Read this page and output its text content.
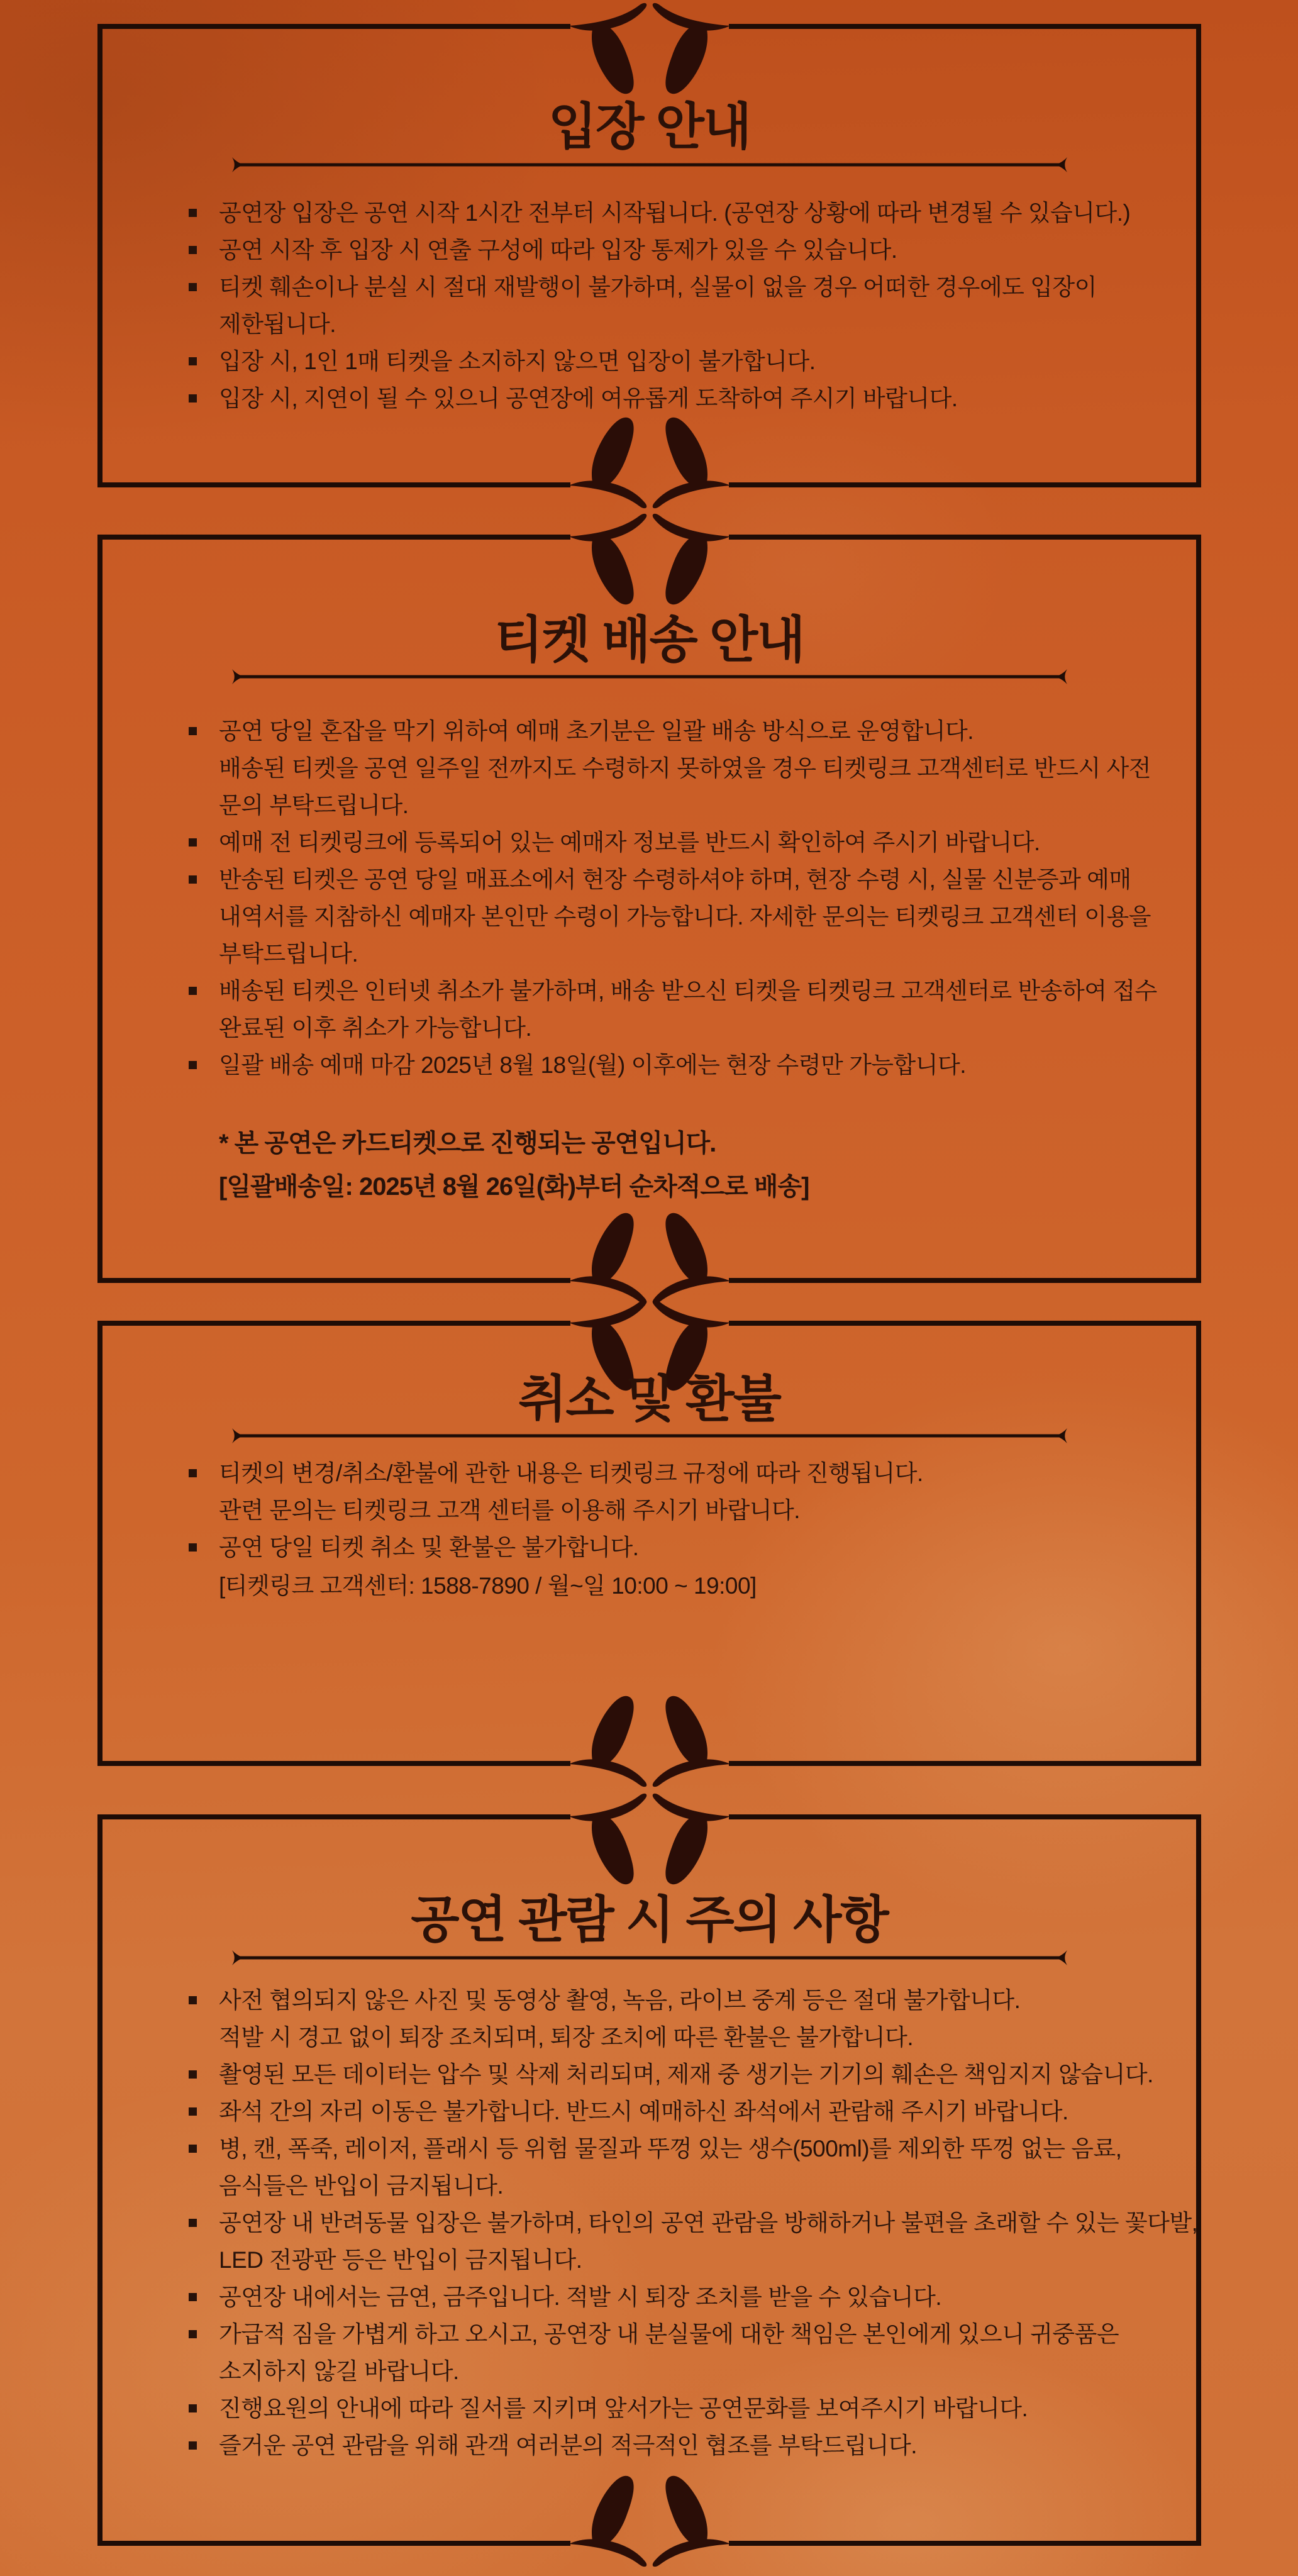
입장 안내
공연장 입장은 공연 시작 1시간 전부터 시작됩니다. (공연장 상황에 따라 변경될 수 있습니다.)
공연 시작 후 입장 시 연출 구성에 따라 입장 통제가 있을 수 있습니다.
티켓 훼손이나 분실 시 절대 재발행이 불가하며, 실물이 없을 경우 어떠한 경우에도 입장이
제한됩니다.
입장 시, 1인 1매 티켓을 소지하지 않으면 입장이 불가합니다.
입장 시, 지연이 될 수 있으니 공연장에 여유롭게 도착하여 주시기 바랍니다.
티켓 배송 안내
공연 당일 혼잡을 막기 위하여 예매 초기분은 일괄 배송 방식으로 운영합니다.
배송된 티켓을 공연 일주일 전까지도 수령하지 못하였을 경우 티켓링크 고객센터로 반드시 사전
문의 부탁드립니다.
예매 전 티켓링크에 등록되어 있는 예매자 정보를 반드시 확인하여 주시기 바랍니다.
반송된 티켓은 공연 당일 매표소에서 현장 수령하셔야 하며, 현장 수령 시, 실물 신분증과 예매
내역서를 지참하신 예매자 본인만 수령이 가능합니다. 자세한 문의는 티켓링크 고객센터 이용을
부탁드립니다.
배송된 티켓은 인터넷 취소가 불가하며, 배송 받으신 티켓을 티켓링크 고객센터로 반송하여 접수
완료된 이후 취소가 가능합니다.
일괄 배송 예매 마감 2025년 8월 18일(월) 이후에는 현장 수령만 가능합니다.
* 본 공연은 카드티켓으로 진행되는 공연입니다.
[일괄배송일: 2025년 8월 26일(화)부터 순차적으로 배송]
취소 및 환불
티켓의 변경/취소/환불에 관한 내용은 티켓링크 규정에 따라 진행됩니다.
관련 문의는 티켓링크 고객 센터를 이용해 주시기 바랍니다.
공연 당일 티켓 취소 및 환불은 불가합니다.
[티켓링크 고객센터: 1588-7890 / 월~일 10:00 ~ 19:00]
공연 관람 시 주의 사항
사전 협의되지 않은 사진 및 동영상 촬영, 녹음, 라이브 중계 등은 절대 불가합니다.
적발 시 경고 없이 퇴장 조치되며, 퇴장 조치에 따른 환불은 불가합니다.
촬영된 모든 데이터는 압수 및 삭제 처리되며, 제재 중 생기는 기기의 훼손은 책임지지 않습니다.
좌석 간의 자리 이동은 불가합니다. 반드시 예매하신 좌석에서 관람해 주시기 바랍니다.
병, 캔, 폭죽, 레이저, 플래시 등 위험 물질과 뚜껑 있는 생수(500ml)를 제외한 뚜껑 없는 음료,
음식들은 반입이 금지됩니다.
공연장 내 반려동물 입장은 불가하며, 타인의 공연 관람을 방해하거나 불편을 초래할 수 있는 꽃다발,
LED 전광판 등은 반입이 금지됩니다.
공연장 내에서는 금연, 금주입니다. 적발 시 퇴장 조치를 받을 수 있습니다.
가급적 짐을 가볍게 하고 오시고, 공연장 내 분실물에 대한 책임은 본인에게 있으니 귀중품은
소지하지 않길 바랍니다.
진행요원의 안내에 따라 질서를 지키며 앞서가는 공연문화를 보여주시기 바랍니다.
즐거운 공연 관람을 위해 관객 여러분의 적극적인 협조를 부탁드립니다.
